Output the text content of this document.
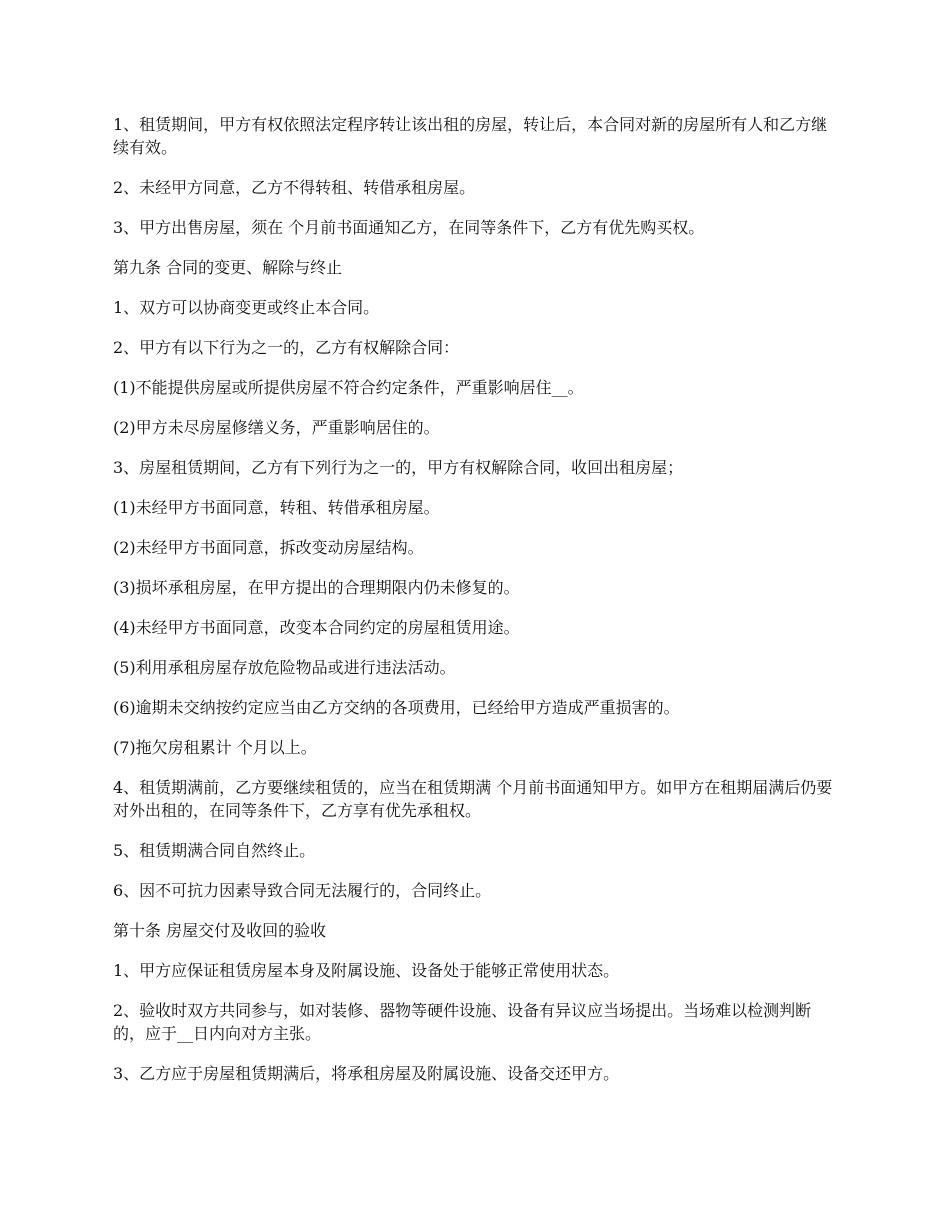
1、租赁期间，甲方有权依照法定程序转让该出租的房屋，转让后，本合同对新的房屋所有人和乙方继续有效。

2、未经甲方同意，乙方不得转租、转借承租房屋。

3、甲方出售房屋，须在 个月前书面通知乙方，在同等条件下，乙方有优先购买权。

第九条 合同的变更、解除与终止

1、双方可以协商变更或终止本合同。

2、甲方有以下行为之一的，乙方有权解除合同：

(1)不能提供房屋或所提供房屋不符合约定条件，严重影响居住__。

(2)甲方未尽房屋修缮义务，严重影响居住的。

3、房屋租赁期间，乙方有下列行为之一的，甲方有权解除合同，收回出租房屋；

(1)未经甲方书面同意，转租、转借承租房屋。

(2)未经甲方书面同意，拆改变动房屋结构。

(3)损坏承租房屋，在甲方提出的合理期限内仍未修复的。

(4)未经甲方书面同意，改变本合同约定的房屋租赁用途。

(5)利用承租房屋存放危险物品或进行违法活动。

(6)逾期未交纳按约定应当由乙方交纳的各项费用，已经给甲方造成严重损害的。

(7)拖欠房租累计 个月以上。

4、租赁期满前，乙方要继续租赁的，应当在租赁期满 个月前书面通知甲方。如甲方在租期届满后仍要对外出租的，在同等条件下，乙方享有优先承租权。

5、租赁期满合同自然终止。

6、因不可抗力因素导致合同无法履行的，合同终止。

第十条 房屋交付及收回的验收

1、甲方应保证租赁房屋本身及附属设施、设备处于能够正常使用状态。

2、验收时双方共同参与，如对装修、器物等硬件设施、设备有异议应当场提出。当场难以检测判断的，应于__日内向对方主张。

3、乙方应于房屋租赁期满后，将承租房屋及附属设施、设备交还甲方。
